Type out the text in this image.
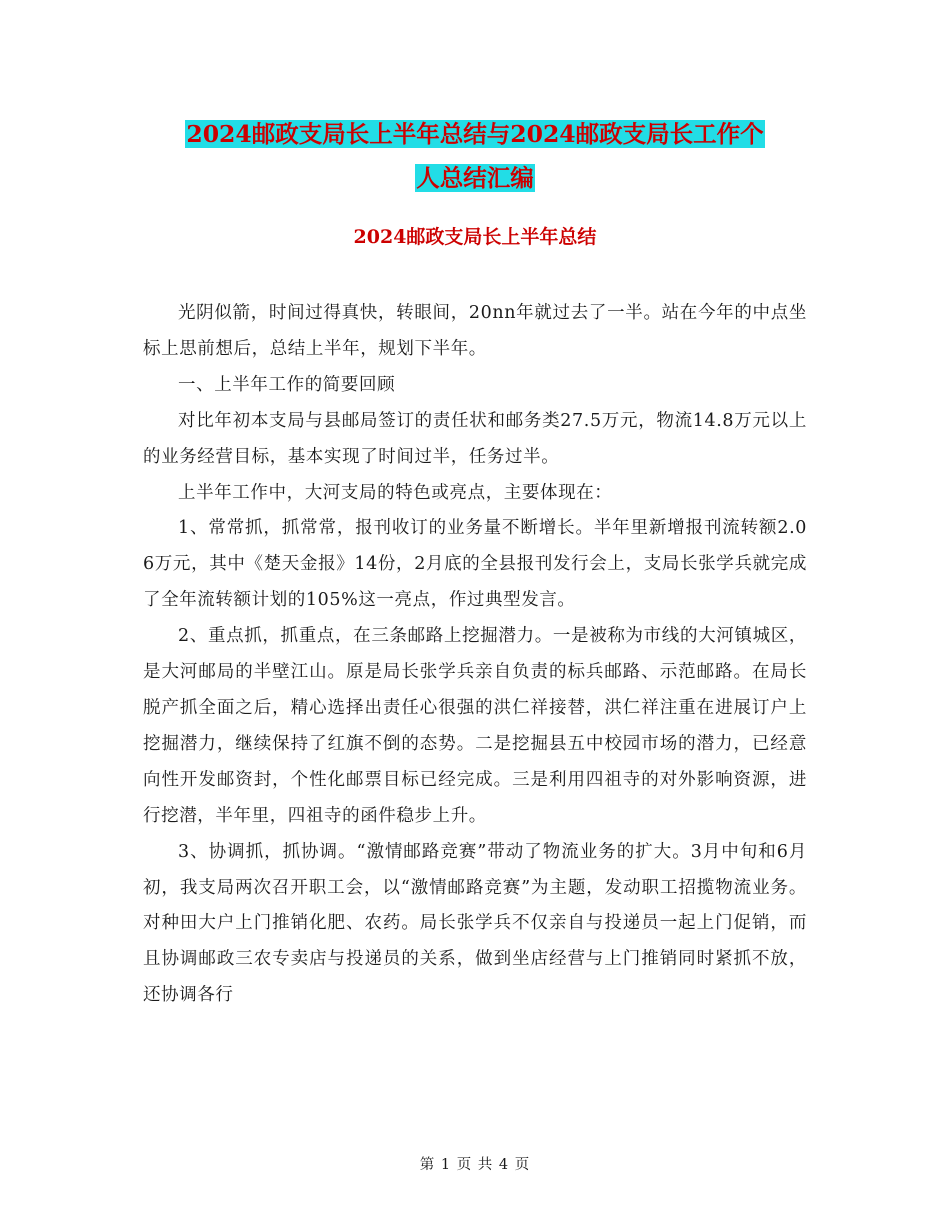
2024邮政支局长上半年总结与2024邮政支局长工作个
人总结汇编
2024邮政支局长上半年总结

光阴似箭，时间过得真快，转眼间，20nn年就过去了一半。站在今年的中点坐标上思前想后，总结上半年，规划下半年。

一、上半年工作的简要回顾

对比年初本支局与县邮局签订的责任状和邮务类27.5万元，物流14.8万元以上的业务经营目标，基本实现了时间过半，任务过半。

上半年工作中，大河支局的特色或亮点，主要体现在：

1、常常抓，抓常常，报刊收订的业务量不断增长。半年里新增报刊流转额2.06万元，其中《楚天金报》14份，2月底的全县报刊发行会上，支局长张学兵就完成了全年流转额计划的105%这一亮点，作过典型发言。

2、重点抓，抓重点，在三条邮路上挖掘潜力。一是被称为市线的大河镇城区，是大河邮局的半壁江山。原是局长张学兵亲自负责的标兵邮路、示范邮路。在局长脱产抓全面之后，精心选择出责任心很强的洪仁祥接替，洪仁祥注重在进展订户上挖掘潜力，继续保持了红旗不倒的态势。二是挖掘县五中校园市场的潜力，已经意向性开发邮资封，个性化邮票目标已经完成。三是利用四祖寺的对外影响资源，进行挖潜，半年里，四祖寺的函件稳步上升。

3、协调抓，抓协调。“激情邮路竞赛”带动了物流业务的扩大。3月中旬和6月初，我支局两次召开职工会，以“激情邮路竞赛”为主题，发动职工招揽物流业务。对种田大户上门推销化肥、农药。局长张学兵不仅亲自与投递员一起上门促销，而且协调邮政三农专卖店与投递员的关系，做到坐店经营与上门推销同时紧抓不放，还协调各行

第 1 页 共 4 页
